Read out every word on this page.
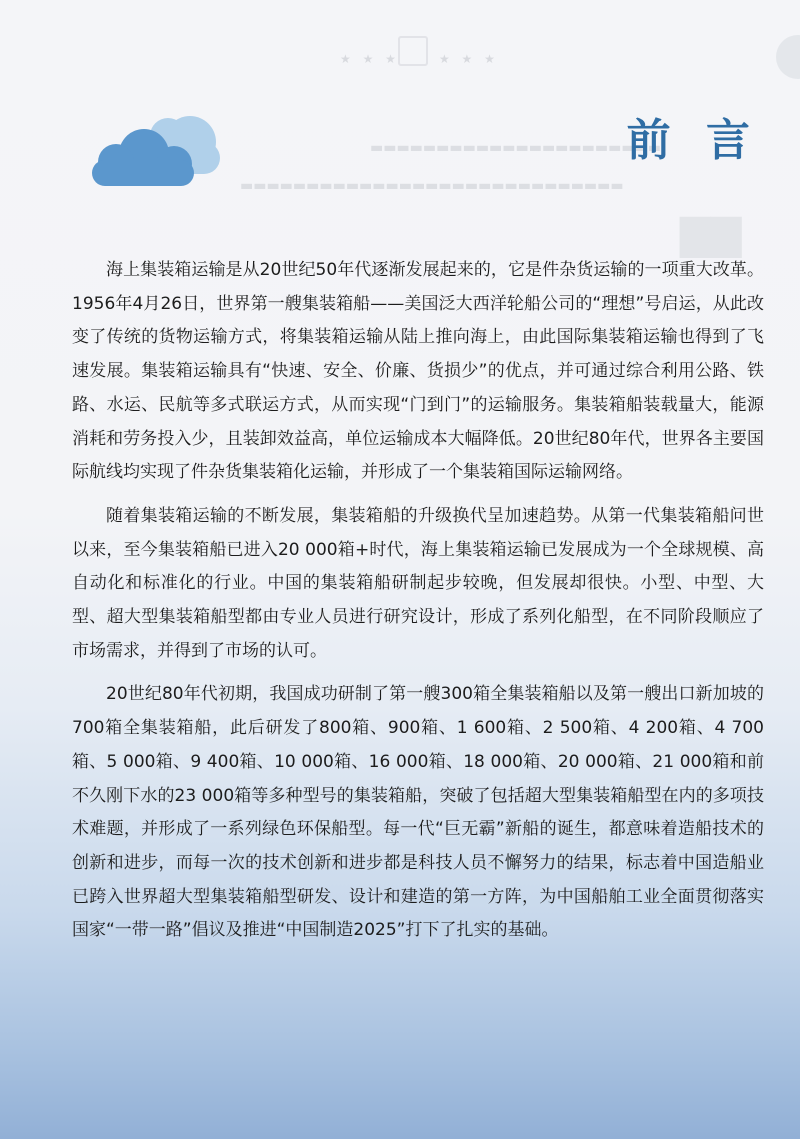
★ ★ ★     ★ ★ ★
▇▇
▬▬▬▬▬▬▬▬▬▬▬▬▬▬▬▬▬▬▬▬▬▬
▬▬▬▬▬▬▬▬▬▬▬▬▬▬▬▬▬▬▬▬▬▬▬▬▬▬▬▬▬
前 言

海上集装箱运输是从20世纪50年代逐渐发展起来的，它是件杂货运输的一项重大改革。1956年4月26日，世界第一艘集装箱船——美国泛大西洋轮船公司的“理想”号启运，从此改变了传统的货物运输方式，将集装箱运输从陆上推向海上，由此国际集装箱运输也得到了飞速发展。集装箱运输具有“快速、安全、价廉、货损少”的优点，并可通过综合利用公路、铁路、水运、民航等多式联运方式，从而实现“门到门”的运输服务。集装箱船装载量大，能源消耗和劳务投入少，且装卸效益高，单位运输成本大幅降低。20世纪80年代，世界各主要国际航线均实现了件杂货集装箱化运输，并形成了一个集装箱国际运输网络。

随着集装箱运输的不断发展，集装箱船的升级换代呈加速趋势。从第一代集装箱船问世以来，至今集装箱船已进入20 000箱+时代，海上集装箱运输已发展成为一个全球规模、高自动化和标准化的行业。中国的集装箱船研制起步较晚，但发展却很快。小型、中型、大型、超大型集装箱船型都由专业人员进行研究设计，形成了系列化船型，在不同阶段顺应了市场需求，并得到了市场的认可。

20世纪80年代初期，我国成功研制了第一艘300箱全集装箱船以及第一艘出口新加坡的700箱全集装箱船，此后研发了800箱、900箱、1 600箱、2 500箱、4 200箱、4 700箱、5 000箱、9 400箱、10 000箱、16 000箱、18 000箱、20 000箱、21 000箱和前不久刚下水的23 000箱等多种型号的集装箱船，突破了包括超大型集装箱船型在内的多项技术难题，并形成了一系列绿色环保船型。每一代“巨无霸”新船的诞生，都意味着造船技术的创新和进步，而每一次的技术创新和进步都是科技人员不懈努力的结果，标志着中国造船业已跨入世界超大型集装箱船型研发、设计和建造的第一方阵，为中国船舶工业全面贯彻落实国家“一带一路”倡议及推进“中国制造2025”打下了扎实的基础。
